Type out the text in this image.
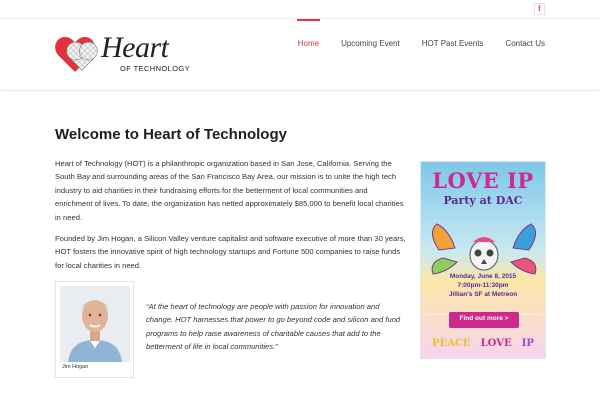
f
Heart
OF TECHNOLOGY
Home	Upcoming Event	HOT Past Events	Contact Us
Welcome to Heart of Technology

Heart of Technology (HOT) is a philanthropic organization based in San Jose, California. Serving the South Bay and surrounding areas of the San Francisco Bay Area, our mission is to unite the high tech industry to aid charities in their fundraising efforts for the betterment of local communities and enrichment of lives. To date, the organization has netted approximately $85,000 to benefit local charities in need.

Founded by Jim Hogan, a Silicon Valley venture capitalist and software executive of more than 30 years, HOT fosters the innovative spirit of high technology startups and Fortune 500 companies to raise funds for local charities in need.

Jim Hogan
“At the heart of technology are people with passion for innovation and change. HOT harnesses that power to go beyond code and silicon and fund programs to help raise awareness of charitable causes that add to the betterment of life in local communities.”
LOVE IP
Party at DAC
Monday, June 8, 2015
7:00pm-11:30pm
Jillian's SF at Metreon
Find out more >
PEACE LOVE IP
